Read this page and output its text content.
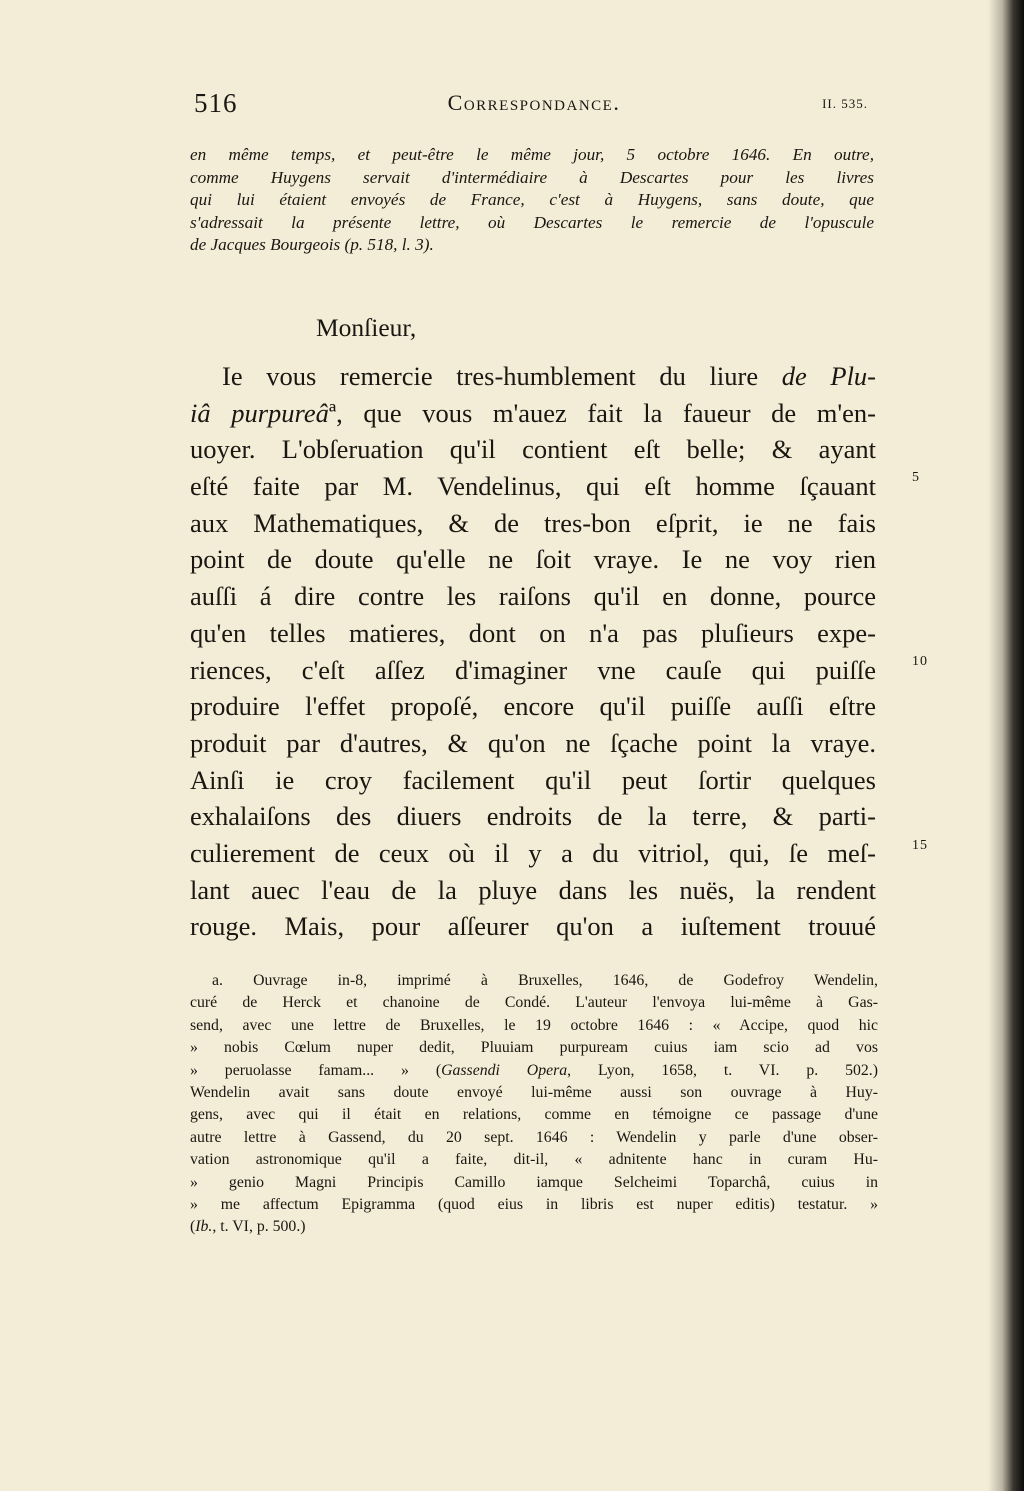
516	Correspondance.	II. 535.
en même temps, et peut-être le même jour, 5 octobre 1646. En outre,
comme Huygens servait d'intermédiaire à Descartes pour les livres
qui lui étaient envoyés de France, c'est à Huygens, sans doute, que
s'adressait la présente lettre, où Descartes le remercie de l'opuscule
de Jacques Bourgeois (p. 518, l. 3).
Monſieur,
Ie vous remercie tres-humblement du liure de Plu-
iâ purpureâª, que vous m'auez fait la faueur de m'en-
uoyer. L'obſeruation qu'il contient eſt belle; & ayant
eſté faite par M. Vendelinus, qui eſt homme ſçauant
aux Mathematiques, & de tres-bon eſprit, ie ne fais
point de doute qu'elle ne ſoit vraye. Ie ne voy rien
auſſi á dire contre les raiſons qu'il en donne, pource
qu'en telles matieres, dont on n'a pas pluſieurs expe-
riences, c'eſt aſſez d'imaginer vne cauſe qui puiſſe
produire l'effet propoſé, encore qu'il puiſſe auſſi eſtre
produit par d'autres, & qu'on ne ſçache point la vraye.
Ainſi ie croy facilement qu'il peut ſortir quelques
exhalaiſons des diuers endroits de la terre, & parti-
culierement de ceux où il y a du vitriol, qui, ſe meſ-
lant auec l'eau de la pluye dans les nuës, la rendent
rouge. Mais, pour aſſeurer qu'on a iuſtement trouué
5
10
15
a. Ouvrage in-8, imprimé à Bruxelles, 1646, de Godefroy Wendelin,
curé de Herck et chanoine de Condé. L'auteur l'envoya lui-même à Gas-
send, avec une lettre de Bruxelles, le 19 octobre 1646 : « Accipe, quod hic
» nobis Cœlum nuper dedit, Pluuiam purpuream cuius iam scio ad vos
» peruolasse famam... » (Gassendi Opera, Lyon, 1658, t. VI. p. 502.)
Wendelin avait sans doute envoyé lui-même aussi son ouvrage à Huy-
gens, avec qui il était en relations, comme en témoigne ce passage d'une
autre lettre à Gassend, du 20 sept. 1646 : Wendelin y parle d'une obser-
vation astronomique qu'il a faite, dit-il, « adnitente hanc in curam Hu-
» genio Magni Principis Camillo iamque Selcheimi Toparchâ, cuius in
» me affectum Epigramma (quod eius in libris est nuper editis) testatur. »
(Ib., t. VI, p. 500.)
